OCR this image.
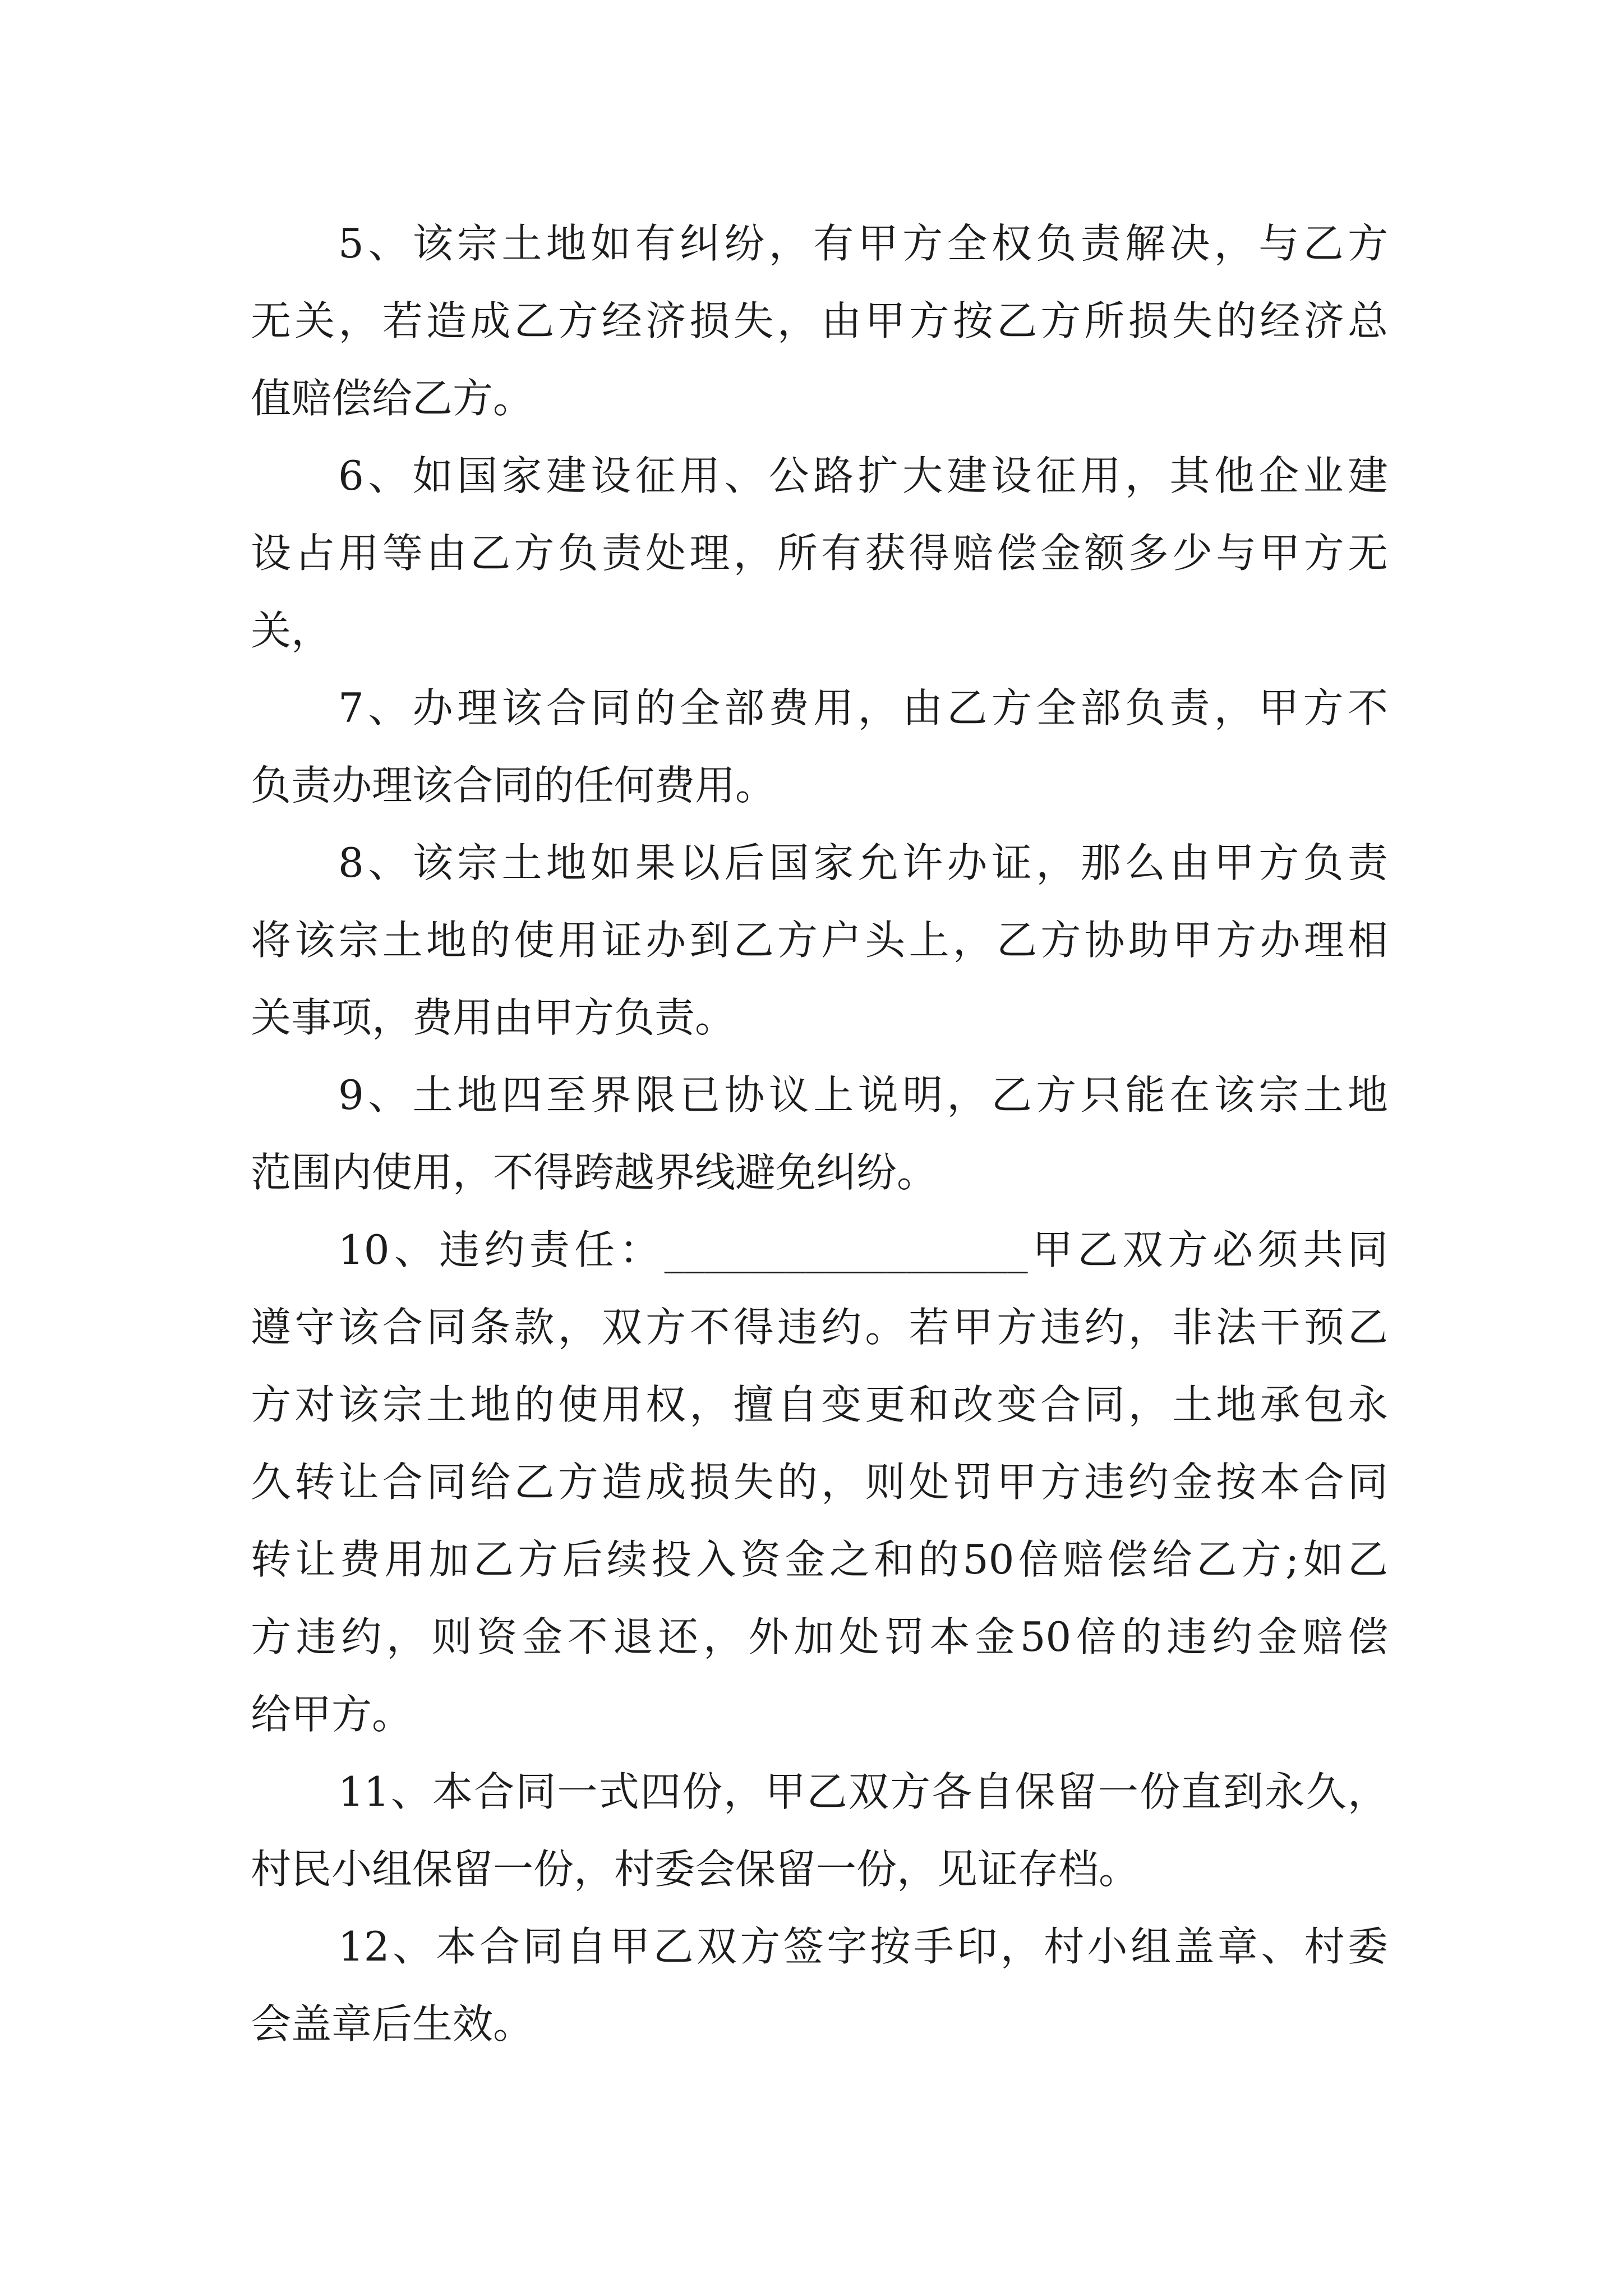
5、该宗土地如有纠纷，有甲方全权负责解决，与乙方
无关，若造成乙方经济损失，由甲方按乙方所损失的经济总
值赔偿给乙方。
6、如国家建设征用、公路扩大建设征用，其他企业建
设占用等由乙方负责处理，所有获得赔偿金额多少与甲方无
关，
7、办理该合同的全部费用，由乙方全部负责，甲方不
负责办理该合同的任何费用。
8、该宗土地如果以后国家允许办证，那么由甲方负责
将该宗土地的使用证办到乙方户头上，乙方协助甲方办理相
关事项，费用由甲方负责。
9、土地四至界限已协议上说明，乙方只能在该宗土地
范围内使用，不得跨越界线避免纠纷。
10、违约责任：__________________甲乙双方必须共同
遵守该合同条款，双方不得违约。若甲方违约，非法干预乙
方对该宗土地的使用权，擅自变更和改变合同，土地承包永
久转让合同给乙方造成损失的，则处罚甲方违约金按本合同
转让费用加乙方后续投入资金之和的50倍赔偿给乙方;如乙
方违约，则资金不退还，外加处罚本金50倍的违约金赔偿
给甲方。
11、本合同一式四份，甲乙双方各自保留一份直到永久，
村民小组保留一份，村委会保留一份，见证存档。
12、本合同自甲乙双方签字按手印，村小组盖章、村委
会盖章后生效。
